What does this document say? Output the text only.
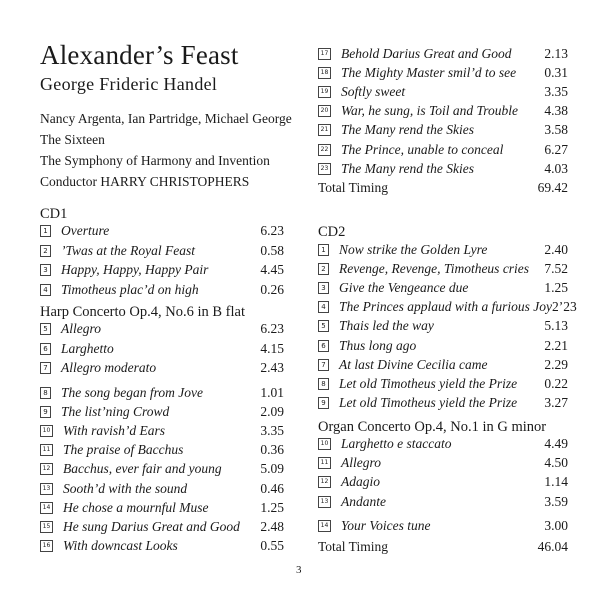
Alexander’s Feast
George Frideric Handel
Nancy Argenta, Ian Partridge, Michael George
The Sixteen
The Symphony of Harmony and Invention
Conductor HARRY CHRISTOPHERS
CD1
Harp Concerto Op.4, No.6 in B flat
CD2
Organ Concerto Op.4, No.1 in G minor
Total Timing	69.42
Total Timing	46.04
3
1 Overture	6.23
2 ’Twas at the Royal Feast	0.58
3 Happy, Happy, Happy Pair	4.45
4 Timotheus plac’d on high	0.26
5 Allegro	6.23
6 Larghetto	4.15
7 Allegro moderato	2.43
8 The song began from Jove	1.01
9 The list’ning Crowd	2.09
10 With ravish’d Ears	3.35
11 The praise of Bacchus	0.36
12 Bacchus, ever fair and young	5.09
13 Sooth’d with the sound	0.46
14 He chose a mournful Muse	1.25
15 He sung Darius Great and Good	2.48
16 With downcast Looks	0.55
17 Behold Darius Great and Good	2.13
18 The Mighty Master smil’d to see	0.31
19 Softly sweet	3.35
20 War, he sung, is Toil and Trouble	4.38
21 The Many rend the Skies	3.58
22 The Prince, unable to conceal	6.27
23 The Many rend the Skies	4.03
1 Now strike the Golden Lyre	2.40
2 Revenge, Revenge, Timotheus cries	7.52
3 Give the Vengeance due	1.25
4 The Princes applaud with a furious Joy 2’23
5 Thais led the way	5.13
6 Thus long ago	2.21
7 At last Divine Cecilia came	2.29
8 Let old Timotheus yield the Prize	0.22
9 Let old Timotheus yield the Prize	3.27
10 Larghetto e staccato	4.49
11 Allegro	4.50
12 Adagio	1.14
13 Andante	3.59
14 Your Voices tune	3.00
